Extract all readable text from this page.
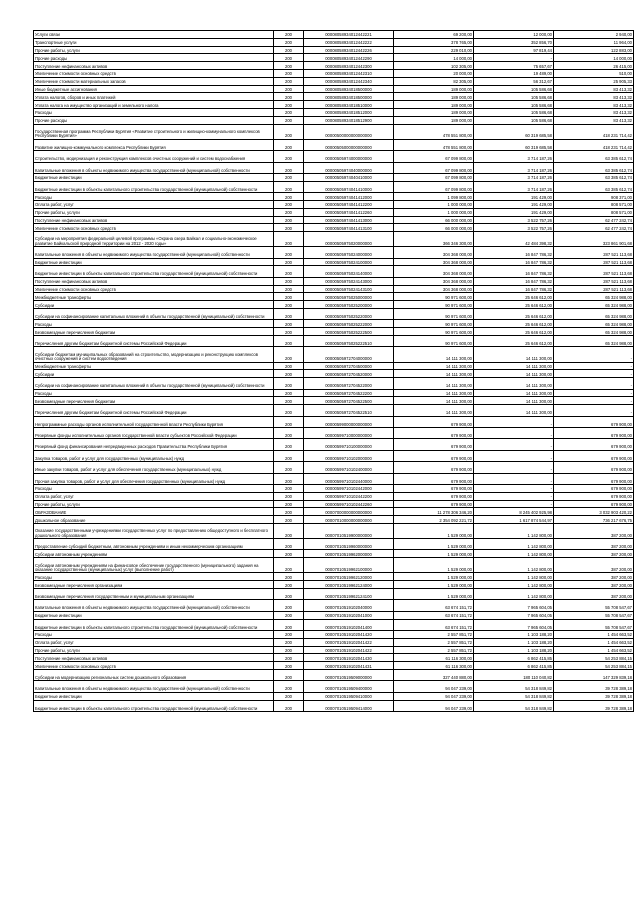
Услуги связи	200	00008058934012442221	69 200,00	12 000,00	2 940,00
Транспортные услуги	200	00008058934012442222	378 765,00	352 856,70	11 964,00
Прочие работы, услуги	200	00008058934012442226	229 010,00	97 819,44	122 883,00
Прочие расходы	200	00008058934012442290	14 000,00	-	14 000,00
Поступление нефинансовых активов	200	00008058934012442300	102 305,00	75 657,67	26 415,00
Увеличение стоимости основных средств	200	00008058934012442310	20 000,00	19 489,00	510,00
Увеличение стоимости материальных запасов	200	00008058934012442340	82 305,00	56 312,67	25 905,33
Иные бюджетные ассигнования	200	00008058934018500000	189 000,00	105 586,68	83 413,32
Уплата налогов, сборов и иных платежей	200	00008058934018500000	189 000,00	105 586,68	83 413,32
Уплата налога на имущество организаций и земельного налога	200	00008058934018510000	189 000,00	105 586,68	83 413,32
Расходы	200	00008058934018512000	189 000,00	105 586,68	83 413,32
Прочие расходы	200	00008058934018512900	189 000,00	105 586,68	83 413,32
Государственная программа Республики Бурятия «Развитие строительного и жилищно-коммунального комплексов Республики Бурятия»	200	00000500000000000000	478 551 800,00	60 319 685,58	418 231 714,42
Развитие жилищно-коммунального комплекса Республики Бурятия	200	00000505000000000000	478 551 800,00	60 319 685,58	418 231 714,42
Строительство, модернизация и реконструкция комплексов очистных сооружений и систем водоснабжения	200	00000505974000000000	67 099 800,00	3 714 187,26	63 385 612,74
Капитальные вложения в объекты недвижимого имущества государственной (муниципальной) собственности	200	00000505974040000000	67 099 800,00	3 714 187,26	63 385 612,74
Бюджетные инвестиции	200	00000505974040410000	67 099 800,00	3 714 187,26	63 385 612,74
Бюджетные инвестиции в объекты капитального строительства государственной (муниципальной) собственности	200	00000505974041410000	67 099 800,00	3 714 187,26	63 385 612,74
Расходы	200	00000505974041412000	1 099 800,00	191 429,00	908 371,00
Оплата работ, услуг	200	00000505974041412200	1 000 000,00	191 429,00	808 571,00
Прочие работы, услуги	200	00000505974041412260	1 000 000,00	191 429,00	808 571,00
Поступление нефинансовых активов	200	00000505974041413000	66 000 000,00	3 522 757,26	62 477 242,74
Увеличение стоимости основных средств	200	00000505974041413100	66 000 000,00	3 522 757,26	62 477 242,74
Субсидии на мероприятия федеральной целевой программы «Охрана озера Байкал и социально-экономическое развитие Байкальской природной территории на 2012 - 2020 годы»	200	00000505975020000000	366 346 300,00	42 484 398,32	323 861 901,68
Капитальные вложения в объекты недвижимого имущества государственной (муниципальной) собственности	200	00000505975024000000	304 368 000,00	16 847 786,32	287 521 113,68
Бюджетные инвестиции	200	00000505975024100000	304 368 000,00	16 847 786,32	287 521 113,68
Бюджетные инвестиции в объекты капитального строительства государственной (муниципальной) собственности	200	00000505975024140000	304 368 000,00	16 847 786,32	287 521 113,68
Поступление нефинансовых активов	200	00000505975024143000	304 368 000,00	16 847 786,32	287 521 113,68
Увеличение стоимости основных средств	200	00000505975024143100	304 368 000,00	16 847 786,32	287 521 113,68
Межбюджетные трансферты	200	00000505975025000000	90 971 600,00	25 646 612,00	65 324 988,00
Субсидии	200	00000505975025200000	90 971 600,00	25 646 612,00	65 324 988,00
Субсидии на софинансирование капитальных вложений в объекты государственной (муниципальной) собственности	200	00000505975025220000	90 971 600,00	25 646 612,00	65 324 988,00
Расходы	200	00000505975025222000	90 971 600,00	25 646 612,00	65 324 988,00
Безвозмездные перечисления бюджетам	200	00000505975025222500	90 971 600,00	25 646 612,00	65 324 988,00
Перечисления другим бюджетам бюджетной системы Российской Федерации	200	00000505975025222510	90 971 600,00	25 646 612,00	65 324 988,00
Субсидии бюджетам муниципальных образований на строительство, модернизацию и реконструкцию комплексов очистных сооружений и систем водоотведения	200	00000505972704000000	14 111 300,00	14 111 300,00	-
Межбюджетные трансферты	200	00000505972704500000	14 111 300,00	14 111 300,00	-
Субсидии	200	00000505972704520000	14 111 300,00	14 111 300,00	-
Субсидии на софинансирование капитальных вложений в объекты государственной (муниципальной) собственности	200	00000505972704522000	14 111 300,00	14 111 300,00	-
Расходы	200	00000505972704522200	14 111 300,00	14 111 300,00	-
Безвозмездные перечисления бюджетам	200	00000505972704522500	14 111 300,00	14 111 300,00	-
Перечисления другим бюджетам бюджетной системы Российской Федерации	200	00000505972704522510	14 111 300,00	14 111 300,00	-
Непрограммные расходы органов исполнительной государственной власти Республики Бурятия	200	00000599000000000000	679 900,00	-	679 900,00
Резервные фонды исполнительных органов государственной власти субъектов Российской Федерации	200	00000599710000000000	679 900,00	-	679 900,00
Резервный фонд финансирования непредвиденных расходов Правительства Республики Бурятия	200	00000599710100000000	679 900,00	-	679 900,00
Закупка товаров, работ и услуг для государственных (муниципальных) нужд	200	00000599710102000000	679 900,00	-	679 900,00
Иные закупки товаров, работ и услуг для обеспечения государственных (муниципальных) нужд	200	00000599710102400000	679 900,00	-	679 900,00
Прочая закупка товаров, работ и услуг для обеспечения государственных (муниципальных) нужд	200	00000599710102440000	679 900,00	-	679 900,00
Расходы	200	00000599710102442000	679 900,00	-	679 900,00
Оплата работ, услуг	200	00000599710102442200	679 900,00	-	679 900,00
Прочие работы, услуги	200	00000599710102442260	679 900,00	-	679 900,00
ОБРАЗОВАНИЕ	200	00007000000000000000	11 278 306 346,20	8 245 402 925,98	3 032 903 420,22
Дошкольное образование	200	00007010000000000000	2 354 092 221,72	1 617 874 544,97	736 217 676,75
Оказание государственными учреждениями государственных услуг по предоставлению общедоступного и бесплатного дошкольного образования	200	00007010519900000000	1 529 000,00	1 142 800,00	387 200,00
Предоставление субсидий бюджетным, автономным учреждениям и иным некоммерческим организациям	200	00007010519960000000	1 529 000,00	1 142 800,00	387 200,00
Субсидии автономным учреждениям	200	00007010519962000000	1 529 000,00	1 142 800,00	387 200,00
Субсидии автономным учреждениям на финансовое обеспечение государственного (муниципального) задания на оказание государственных (муниципальных) услуг (выполнение работ)	200	00007010519962100000	1 529 000,00	1 142 800,00	387 200,00
Расходы	200	00007010519962120000	1 529 000,00	1 142 800,00	387 200,00
Безвозмездные перечисления организациям	200	00007010519962124000	1 529 000,00	1 142 800,00	387 200,00
Безвозмездные перечисления государственным и муниципальным организациям	200	00007010519962124100	1 529 000,00	1 142 800,00	387 200,00
Капитальные вложения в объекты недвижимого имущества государственной (муниципальной) собственности	200	00007010519102040000	63 674 151,72	7 965 604,05	55 708 547,67
Бюджетные инвестиции	200	00007010519102041000	63 674 151,72	7 965 604,05	55 708 547,67
Бюджетные инвестиции в объекты капитального строительства государственной (муниципальной) собственности	200	00007010519102041400	63 674 151,72	7 965 604,05	55 708 547,67
Расходы	200	00007010519102041420	2 557 851,72	1 103 188,20	1 454 663,52
Оплата работ, услуг	200	00007010519102041422	2 557 851,72	1 103 188,20	1 454 663,52
Прочие работы, услуги	200	00007010519102041422	2 557 851,72	1 103 188,20	1 454 663,52
Поступление нефинансовых активов	200	00007010519102041430	61 116 300,00	6 862 415,85	54 253 884,15
Увеличение стоимости основных средств	200	00007010519102041431	61 116 300,00	6 862 415,85	54 253 884,15
Субсидии на модернизацию региональных систем дошкольного образования	200	00007010519509000000	327 440 880,00	180 110 040,82	147 329 839,18
Капитальные вложения в объекты недвижимого имущества государственной (муниципальной) собственности	200	00007010519509400000	94 047 239,00	54 318 849,82	39 728 389,18
Бюджетные инвестиции	200	00007010519509410000	94 047 239,00	54 318 849,82	39 728 389,18
Бюджетные инвестиции в объекты капитального строительства государственной (муниципальной) собственности	200	00007010519509414000	94 047 239,00	54 318 849,82	39 728 389,18
